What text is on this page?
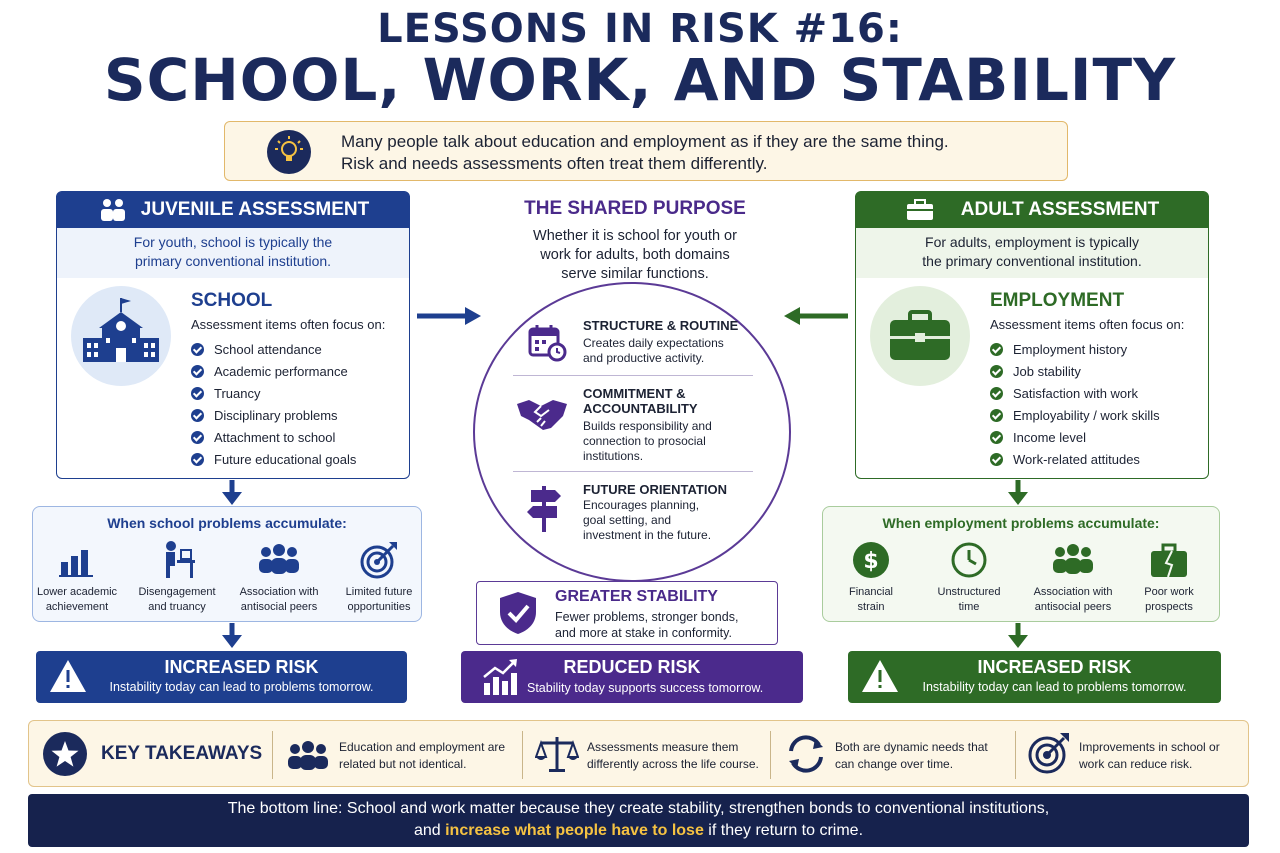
LESSONS IN RISK #16:
SCHOOL, WORK, AND STABILITY
Many people talk about education and employment as if they are the same thing.
Risk and needs assessments often treat them differently.
JUVENILE ASSESSMENT
For youth, school is typically the
primary conventional institution.
SCHOOL
Assessment items often focus on:
School attendance
Academic performance
Truancy
Disciplinary problems
Attachment to school
Future educational goals
ADULT ASSESSMENT
For adults, employment is typically
the primary conventional institution.
EMPLOYMENT
Assessment items often focus on:
Employment history
Job stability
Satisfaction with work
Employability / work skills
Income level
Work-related attitudes
When school problems accumulate:
Lower academic
achievement
Disengagement
and truancy
Association with
antisocial peers
Limited future
opportunities
When employment problems accumulate:
$
Financial
strain
Unstructured
time
Association with
antisocial peers
Poor work
prospects
INCREASED RISK
Instability today can lead to problems tomorrow.
INCREASED RISK
Instability today can lead to problems tomorrow.
THE SHARED PURPOSE
Whether it is school for youth or
work for adults, both domains
serve similar functions.
STRUCTURE & ROUTINE
Creates daily expectations
and productive activity.
COMMITMENT &
ACCOUNTABILITY
Builds responsibility and
connection to prosocial
institutions.
FUTURE ORIENTATION
Encourages planning,
goal setting, and
investment in the future.
GREATER STABILITY
Fewer problems, stronger bonds,
and more at stake in conformity.
REDUCED RISK
Stability today supports success tomorrow.
KEY TAKEAWAYS	Education and employment are
related but not identical.
Assessments measure them
differently across the life course.
Both are dynamic needs that
can change over time.
Improvements in school or
work can reduce risk.
The bottom line: School and work matter because they create stability, strengthen bonds to conventional institutions,
and increase what people have to lose if they return to crime.
